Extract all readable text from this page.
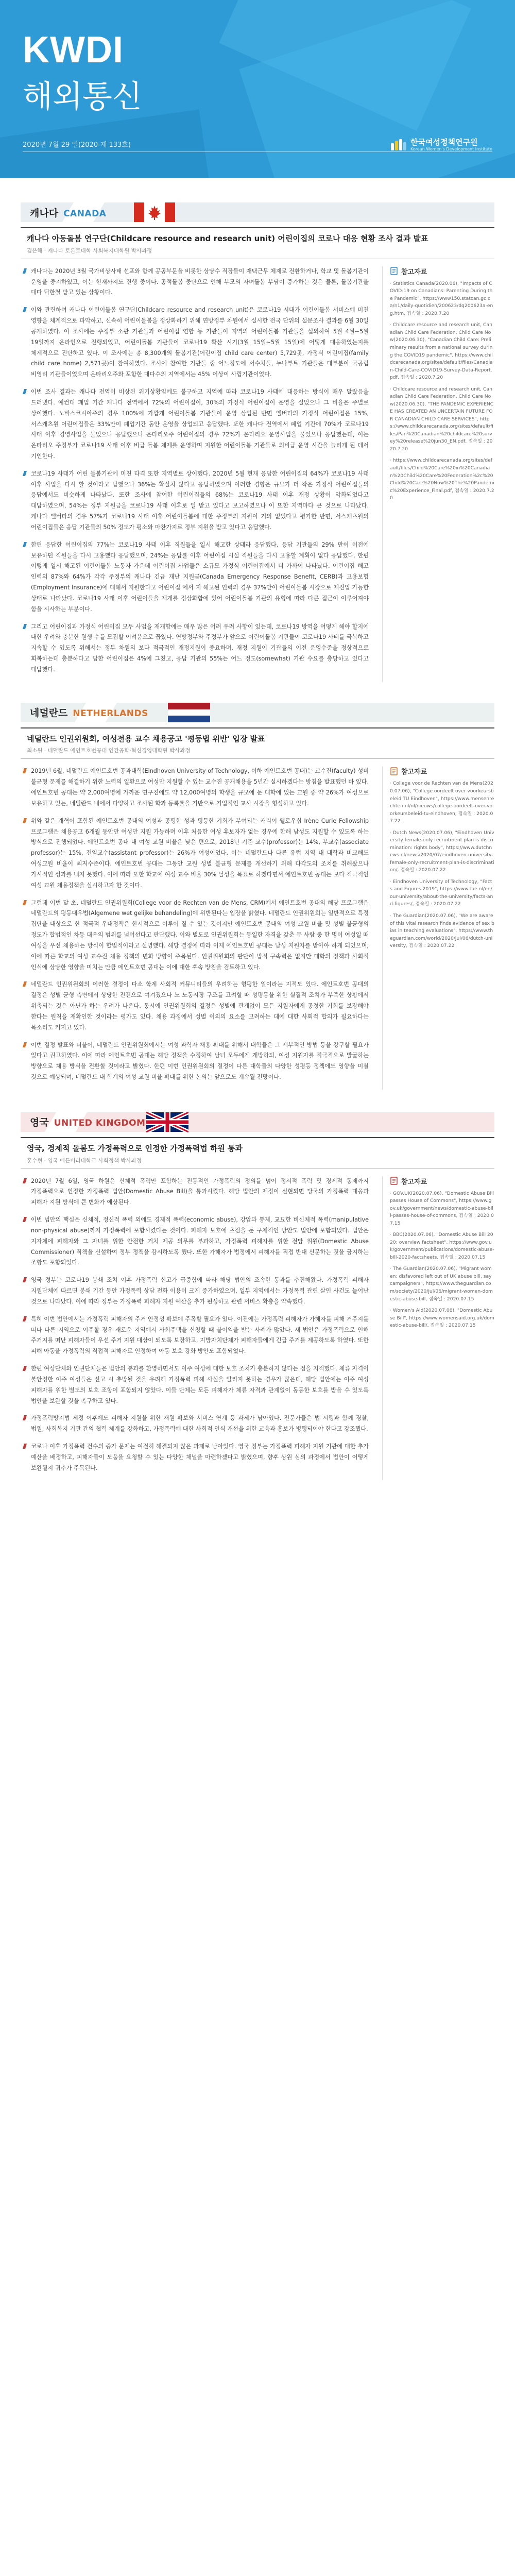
KWDI
해외통신
2020년 7월 29 일(2020-제 133호)	한국여성정책연구원
Korean Women's Development Institute
캐나다 CANADA
캐나다 아동돌봄 연구단(Childcare resource and research unit) 어린이집의 코로나 대응 현황 조사 결과 발표
김은해 · 캐나다 토론토대학 사회복지대학원 박사과정

캐나다는 2020년 3월 국가비상사태 선포와 함께 공공부문을 비롯한 상당수 직장들이 재택근무 체제로 전환하거나, 학교 및 돌봄기관이 운영을 중지하였고, 이는 현재까지도 진행 중이다. 공적돌봄 중단으로 인해 부모의 자녀돌봄 부담이 증가하는 것은 물론, 돌봄기관을 대다 딕한철 받고 있는 상황이다.

이와 관련하여 캐나다 어린이돌봄 연구단(Childcare resource and research unit)은 코로나19 시대가 어린이돌봄 서비스에 미친 영향을 체계적으로 파악하고, 신속히 어린이돌봄을 정상화하기 위해 연방정부 차원에서 실시한 전국 단위의 설문조사 결과를 6월 30일 공개하였다. 이 조사에는 주정부 소관 기관들과 어린이집 연합 등 기관들이 지역의 어린이돌봄 기관들을 섭외하여 5월 4월~5월 19일까지 온라인으로 진행되었고, 어린이돌봄 기관들이 코로나19 확산 시기(3월 15일~5월 15일)에 어떻게 대응하였는지를 체계적으로 진단하고 있다. 이 조사에는 총 8,300개의 돌봄기관(어린이집 child care center) 5,729곳, 가정식 어린이집(family child care home) 2,571곳)이 참여하였다. 조사에 참여한 기관들 중 어느정도에 서수처들, 누나부트 기관들은 대부분이 국공립 비영리 기관들이었으며 온타리오주와 포함한 대다수의 지역에서는 45% 이상이 사립기관이었다.

이번 조사 결과는 캐나다 전역이 비상된 위기상황임에도 불구하고 지역에 따라 코로나19 사태에 대응하는 방식이 매우 달랐음을 드러냈다. 예컨대 폐업 기간 캐나다 전역에서 72%의 어린이집이, 30%의 가정식 어린이집이 운영을 실었으나 그 비율은 주별로 상이했다. 노바스코시아주의 경우 100%에 가깝게 어린이돌봄 기관들이 운영 상업된 반면 앨버타의 가정식 어린이집은 15%, 서스캐츠원 어린이집들은 33%만이 폐업기간 동안 운영을 상업되고 응답했다. 또한 캐나다 전역에서 폐업 기간에 70%가 코로나19 사태 이후 경영사업을 물었으나 응답했으나 온타리오주 어린이집의 경우 72%가 온타리오 운영사업을 물었으나 응답했는데, 이는 온타리오 주정부가 코로나19 사태 이후 비급 돌봄 체제를 운영하며 지원한 어린이돌봄 기관들로 외비급 운영 시간을 늘리게 된 데서 기인한다.

코로나19 사태가 어린 돌봄기관에 미친 타격 또한 지역별로 상이했다. 2020년 5월 현재 응답한 어린이집의 64%가 코로나19 사태 이후 사업을 다시 할 것이라고 답했으나 36%는 확실치 않다고 응답하였으며 이러한 경향은 규모가 더 작은 가정식 어린이집들의 응답에서도 비슷하게 나타났다. 또한 조사에 참여한 어린이집들의 68%는 코로나19 사태 이후 재정 상황이 악화되었다고 대답하였으며, 54%는 정부 지원금을 코로나19 사태 이후로 일 받고 있다고 보고하였으나 이 또한 지역마다 큰 것으로 나타났다. 캐나다 앨버타의 경우 57%가 코로나19 사태 이후 어린이돌봄에 대한 주정부의 지원이 거의 없었다고 평가한 반면, 서스캐츠원의 어린이집들은 응답 기관들의 50% 정도가 평소와 마찬가지로 정부 지원을 받고 있다고 응답했다.

한편 응답한 어린이집의 77%는 코로나19 사태 이후 직원들을 일시 해고한 상태라 응답했다. 응답 기관들의 29% 만이 이전에 보유하던 직원들을 다시 고용했다 응답했으며, 24%는 응답률 이후 어린이집 시설 직원들을 다시 고용할 계획이 없다 응답했다. 한편 이렇게 일시 해고된 어린이돌봄 노동자 가운데 어린이집 사업들은 소규모 가정식 어린이집에서 더 가까이 나타났다. 어린이집 해고 인력의 87%와 64%가 각각 주정부의 캐나다 긴급 재난 지원금(Canada Emergency Response Benefit, CERB)과 고용보험(Employment Insurance)에 대해서 지원한다고 어린이집 에서 지 해고된 인력의 경우 37%만이 어린이돌봄 시장으로 재진입 가능한 상태로 나타났다. 코로나19 사태 이후 어린이들을 재개를 정상화함에 있어 어린이돌봄 기관의 유형에 따라 다른 접근이 이루어져야 함을 시사하는 부분이다.

그리고 어린이집과 가정식 어린이집 모두 사업을 재개함에는 매우 많은 어려 우려 사항이 있는데, 코로나19 방역을 어떻게 해야 할지에 대한 우려와 충분한 원생 수를 모집할 어려움으로 꼽았다. 연방정부와 주정부가 앞으로 어린이돌봄 기관들이 코로나19 사태를 극복하고 지속할 수 있도록 위해서는 정부 차원의 보다 적극적인 재정지원이 중요하며, 재정 지원이 기관들의 이전 운영수준을 정상적으로 회복하는데 충분하다고 답한 어린이집은 4%에 그쳤고, 응답 기관의 55%는 어느 정도(somewhat) 기관 수요를 충당하고 있다고 대답했다.

참고자료
· Statistics Canada(2020.06), "Impacts of COVID-19 on Canadians: Parenting During the Pandemic", https://www150.statcan.gc.ca/n1/daily-quotidien/200623/dq200623a-eng.htm, 접속일 : 2020.7.20
· Childcare resource and research unit, Canadian Child Care Federation, Child Care Now(2020.06.30), "Canadian Child Care: Preliminary results from a national survey during the COVID19 pandemic", https://www.childcarecanada.org/sites/default/files/Canadian-Child-Care-COVID19-Survey-Data-Report.pdf, 접속일 : 2020.7.20
· Childcare resource and research unit, Canadian Child Care Federation, Child Care Now(2020.06.30), "THE PANDEMIC EXPERIENCE HAS CREATED AN UNCERTAIN FUTURE FOR CANADIAN CHILD CARE SERVICES", https://www.childcarecanada.org/sites/default/files/Pan%20Canadian%20childcare%20survey%20release%20jun30_EN.pdf, 접속일 : 2020.7.20
· https://www.childcarecanada.org/sites/default/files/Child%20Care%20in%20Canadian%20Child%20Care%20Federation%2c%20Child%20Care%20Now%20The%20Pandemic%20Experience_Final.pdf, 접속일 : 2020.7.20
네덜란드 NETHERLANDS
네덜란드 인권위원회, 여성전용 교수 채용공고 '평등법 위반' 입장 발표
최소원 · 네덜란드 에인트호번공대 인간공학·혁신경영대학원 박사과정

2019년 6월, 네덜란드 에인트호번 공과대학(Eindhoven University of Technology, 이하 에인트호번 공대)는 교수진(faculty) 성비 불균형 문제를 해결하기 위한 노력의 일환으로 여성만 지원할 수 있는 교수진 공개채용을 5년간 실시하겠다는 방침을 발표했던 바 있다. 에인트호번 공대는 약 2,000여명에 가까운 연구진에도 약 12,000여명의 학생을 규모에 둔 대학에 있는 교원 중 약 26%가 여성으로 보유하고 있는, 네덜란드 내에서 다양하고 조사된 학과 등록률을 기반으로 기업적인 교사 시장을 형성하고 있다.

위와 같은 개혁이 포함된 에인트호번 공대의 여성과 공평한 성과 평등한 기회가 부여되는 캐리어 웰로우십 Irène Curie Fellowship 프로그램은 채용공고 6개월 동안만 여성만 지원 가능하며 이후 처음한 여성 후보자가 없는 경우에 한해 남성도 지원할 수 있도록 하는 방식으로 진행되었다. 에인트호번 공대 내 여성 교원 비율은 낮은 편으로, 2018년 기준 교수(professor)는 14%, 부교수(associate professor)는 15%, 전임교수(assistant professor)는 26%가 여성이었다. 이는 네덜란드나 다른 유럽 지역 내 대학과 비교해도 여성교원 비율이 최저수준이다. 에인트호번 공대는 그동안 교원 성별 불균형 문제를 개선하기 위해 다각도의 조치를 취해왔으나 가시적인 성과를 내지 못했다. 이에 따라 또한 학교에 여성 교수 비율 30% 달성을 목표로 하겠다면서 에인트호번 공대는 보다 적극적인 여성 교원 채용정책을 실시하고자 한 것이다.

그런데 이번 달 초, 네덜란드 인권위원회(College voor de Rechten van de Mens, CRM)에서 에인트호번 공대의 해당 프로그램은 네덜란드의 평등대우법(Algemene wet gelijke behandeling)에 위반된다는 입장을 밝혔다. 네덜란드 인권위원회는 일반적으로 특정 집단을 대상으로 한 적극적 우대정책은 한시적으로 이루어 질 수 있는 것이지만 에인트호번 공대의 여성 교원 비율 및 성별 불균형의 정도가 합법적인 차등 대우의 범위를 넘어선다고 판단했다. 이와 별도로 인권위원회는 동일한 자격을 갖춘 두 사람 중 한 명이 여성일 때 여성을 우선 채용하는 방식이 합법적이라고 설명했다. 해당 결정에 따라 이제 에인트호번 공대는 남성 지원자를 받아야 하게 되었으며, 이에 따른 학교의 여성 교수진 채용 정책의 변화 방향이 주목된다. 인권위원회의 판단이 법적 구속력은 없지만 대학의 정책과 사회적 인식에 상당한 영향을 미치는 만큼 에인트호번 공대는 이에 대한 후속 방침을 검토하고 있다.

네덜란드 인권위원회의 이러한 결정이 다소 학계 사회적 커뮤니티들의 우려하는 형평한 일이라는 지적도 있다. 에인트호번 공대의 결정은 성별 균형 측면에서 상당한 진전으로 여겨졌으나 노 노동시장 구조를 고려할 때 성평등을 위한 실질적 조치가 부족한 상황에서 위축되는 것은 아닌가 하는 우려가 나온다. 동시에 인권위원회의 결정은 성별에 관계없이 모든 지원자에게 공정한 기회를 보장해야 한다는 원칙을 재확인한 것이라는 평가도 있다. 채용 과정에서 성별 이외의 요소를 고려하는 데에 대한 사회적 합의가 필요하다는 목소리도 커지고 있다.

이번 결정 발표와 더불어, 네덜란드 인권위원회에서는 여성 과학자 채용 확대를 위해서 대학들은 그 세부적인 방법 등을 강구할 필요가 있다고 권고하였다. 이에 따라 에인트호번 공대는 해당 정책을 수정하여 남녀 모두에게 개방하되, 여성 지원자를 적극적으로 발굴하는 방향으로 채용 방식을 전환할 것이라고 밝혔다. 한편 이번 인권위원회의 결정이 다른 대학들의 다양한 성평등 정책에도 영향을 미칠 것으로 예상되며, 네덜란드 내 학계의 여성 교원 비율 확대를 위한 논의는 앞으로도 계속될 전망이다.

참고자료
· College voor de Rechten van de Mens(2020.07.06), "College oordeelt over voorkeursbeleid TU Eindhoven", https://www.mensenrechten.nl/nl/nieuws/college-oordeelt-over-voorkeursbeleid-tu-eindhoven, 접속일 : 2020.07.22
· Dutch News(2020.07.06), "Eindhoven University female-only recruitment plan is discrimination: rights body", https://www.dutchnews.nl/news/2020/07/eindhoven-university-female-only-recruitment-plan-is-discrimination/, 접속일 : 2020.07.22
· Eindhoven University of Technology, "Facts and Figures 2019", https://www.tue.nl/en/our-university/about-the-university/facts-and-figures/, 접속일 : 2020.07.22
· The Guardian(2020.07.06), "We are aware of this vital research finds evidence of sex bias in teaching evaluations", https://www.theguardian.com/world/2020/jul/06/dutch-university, 접속일 : 2020.07.22
영국 UNITED KINGDOM
영국, 경제적 돌봄도 가정폭력으로 인정한 가정폭력법 하원 통과
홍수현 · 영국 에든버러대학교 사회정책 박사과정

2020년 7월 6일, 영국 하원은 신체적 폭력만 포함하는 전통적인 가정폭력의 정의를 넘어 정서적 폭력 및 경제적 통제까지 가정폭력으로 인정한 가정폭력 법안(Domestic Abuse Bill)을 통과시켰다. 해당 법안의 제정이 실현되면 당국의 가정폭력 대응과 피해자 지원 방식에 큰 변화가 예상된다.

이번 법안의 핵심은 신체적, 정신적 폭력 외에도 경제적 폭력(economic abuse), 강압과 통제, 교묘한 비신체적 폭력(manipulative non-physical abuse)까지 가정폭력에 포함시켰다는 것이다. 피해자 보호에 초점을 둔 구체적인 방안도 법안에 포함되었다. 법안은 지자체에 피해자와 그 자녀를 위한 안전한 거처 제공 의무를 부과하고, 가정폭력 피해자를 위한 전담 위원(Domestic Abuse Commissioner) 직책을 신설하여 정부 정책을 감시하도록 했다. 또한 가해자가 법정에서 피해자를 직접 반대 신문하는 것을 금지하는 조항도 포함되었다.

영국 정부는 코로나19 봉쇄 조치 이후 가정폭력 신고가 급증함에 따라 해당 법안의 조속한 통과를 추진해왔다. 가정폭력 피해자 지원단체에 따르면 봉쇄 기간 동안 가정폭력 상담 전화 이용이 크게 증가하였으며, 일부 지역에서는 가정폭력 관련 살인 사건도 늘어난 것으로 나타났다. 이에 따라 정부는 가정폭력 피해자 지원 예산을 추가 편성하고 관련 서비스 확충을 약속했다.

특히 이번 법안에서는 가정폭력 피해자의 주거 안정성 확보에 주목할 필요가 있다. 이전에는 가정폭력 피해자가 가해자를 피해 거주지를 떠나 다른 지역으로 이주할 경우 새로운 지역에서 사회주택을 신청할 때 불이익을 받는 사례가 많았다. 새 법안은 가정폭력으로 인해 주거지를 떠난 피해자들이 우선 주거 지원 대상이 되도록 보장하고, 지방자치단체가 피해자들에게 긴급 주거를 제공하도록 하였다. 또한 피해 아동을 가정폭력의 직접적 피해자로 인정하여 아동 보호 강화 방안도 포함되었다.

한편 여성단체와 인권단체들은 법안의 통과를 환영하면서도 이주 여성에 대한 보호 조치가 충분하지 않다는 점을 지적했다. 체류 자격이 불안정한 이주 여성들은 신고 시 추방될 것을 우려해 가정폭력 피해 사실을 알리지 못하는 경우가 많은데, 해당 법안에는 이주 여성 피해자를 위한 별도의 보호 조항이 포함되지 않았다. 이들 단체는 모든 피해자가 체류 자격과 관계없이 동등한 보호를 받을 수 있도록 법안을 보완할 것을 촉구하고 있다.

가정폭력방지법 제정 이후에도 피해자 지원을 위한 재원 확보와 서비스 연계 등 과제가 남아있다. 전문가들은 법 시행과 함께 경찰, 법원, 사회복지 기관 간의 협력 체계를 강화하고, 가정폭력에 대한 사회적 인식 개선을 위한 교육과 홍보가 병행되어야 한다고 강조했다.

코로나 이후 가정폭력 건수의 증가 문제는 여전히 해결되지 않은 과제로 남아있다. 영국 정부는 가정폭력 피해자 지원 기관에 대한 추가 예산을 배정하고, 피해자들이 도움을 요청할 수 있는 다양한 채널을 마련하겠다고 밝혔으며, 향후 상원 심의 과정에서 법안이 어떻게 보완될지 귀추가 주목된다.

참고자료
· GOV.UK(2020.07.06), "Domestic Abuse Bill passes House of Commons", https://www.gov.uk/government/news/domestic-abuse-bill-passes-house-of-commons, 접속일 : 2020.07.15
· BBC(2020.07.06), "Domestic Abuse Bill 2020: overview factsheet", https://www.gov.uk/government/publications/domestic-abuse-bill-2020-factsheets, 접속일 : 2020.07.15
· The Guardian(2020.07.06), "Migrant women: disfavored left out of UK abuse bill, say campaigners", https://www.theguardian.com/society/2020/jul/06/migrant-women-domestic-abuse-bill, 접속일 : 2020.07.15
· Women's Aid(2020.07.06), "Domestic Abuse Bill", https://www.womensaid.org.uk/domestic-abuse-bill/, 접속일 : 2020.07.15
